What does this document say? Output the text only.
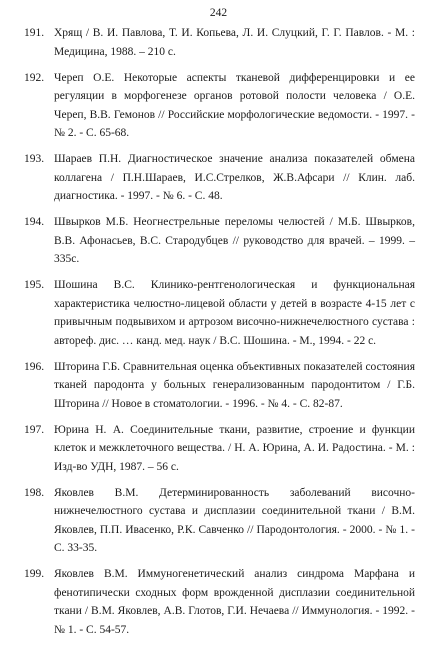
242
191. Хрящ / В. И. Павлова, Т. И. Копьева, Л. И. Слуцкий, Г. Г. Павлов. - М. : Медицина, 1988. – 210 с.
192. Череп О.Е. Некоторые аспекты тканевой дифференцировки и ее регуляции в морфогенезе органов ротовой полости человека / О.Е. Череп, В.В. Гемонов // Российские морфологические ведомости. - 1997. - № 2. - С. 65-68.
193. Шараев П.Н. Диагностическое значение анализа показателей обмена коллагена / П.Н.Шараев, И.С.Стрелков, Ж.В.Афсари // Клин. лаб. диагностика. - 1997. - № 6. - С. 48.
194. Швырков М.Б. Неогнестрельные переломы челюстей / М.Б. Швырков, В.В. Афонасьев, В.С. Стародубцев // руководство для врачей. – 1999. – 335с.
195. Шошина В.С. Клинико-рентгенологическая и функциональная характеристика челюстно-лицевой области у детей в возрасте 4-15 лет с привычным подвывихом и артрозом височно-нижнечелюстного сустава : автореф. дис. … канд. мед. наук / В.С. Шошина. - М., 1994. - 22 с.
196. Шторина Г.Б. Сравнительная оценка объективных показателей состояния тканей пародонта у больных генерализованным пародонтитом / Г.Б. Шторина // Новое в стоматологии. - 1996. - № 4. - С. 82-87.
197. Юрина Н. А. Соединительные ткани, развитие, строение и функции клеток и межклеточного вещества. / Н. А. Юрина, А. И. Радостина. - М. : Изд-во УДН, 1987. – 56 с.
198. Яковлев В.М. Детерминированность заболеваний височно-нижнечелюстного сустава и дисплазии соединительной ткани / В.М. Яковлев, П.П. Ивасенко, Р.К. Савченко // Пародонтология. - 2000. - № 1. - С. 33-35.
199. Яковлев В.М. Иммуногенетический анализ синдрома Марфана и фенотипически сходных форм врожденной дисплазии соединительной ткани / В.М. Яковлев, А.В. Глотов, Г.И. Нечаева // Иммунология. - 1992. - № 1. - С. 54-57.
